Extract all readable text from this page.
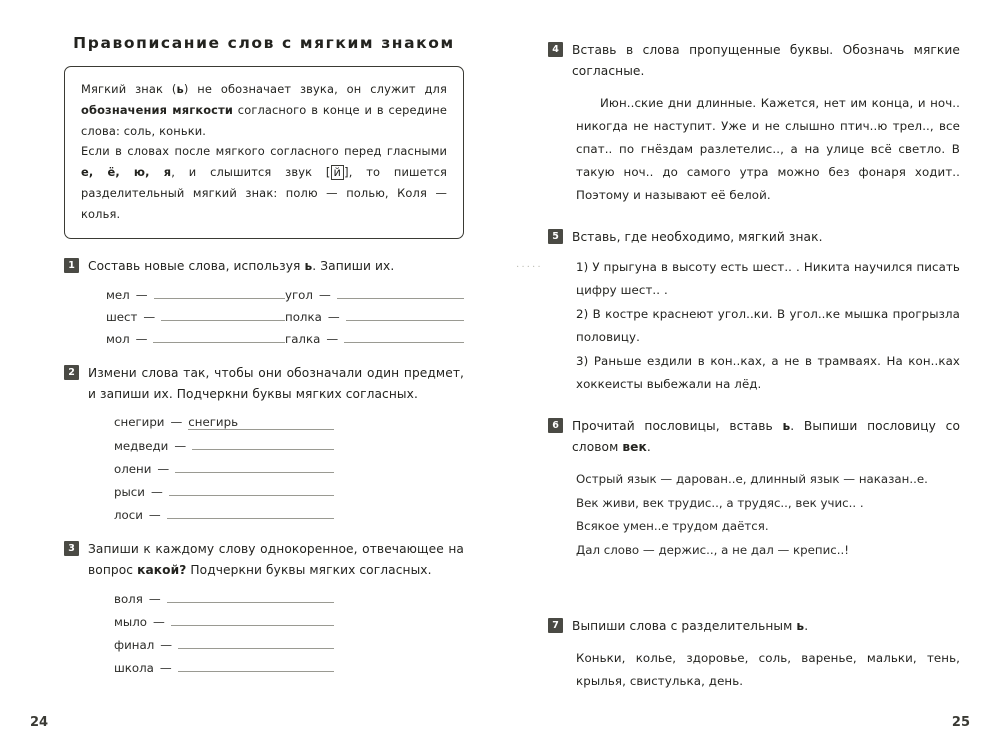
Правописание слов с мягким знаком
Мягкий знак (ь) не обозначает звука, он служит для обозначения мягкости согласного в конце и в середине слова: соль, коньки.
Если в словах после мягкого согласного перед гласными е, ё, ю, я, и слышится звук [ й ], то пишется разделительный мягкий знак: полю — полью, Коля — колья.
1	Составь новые слова, используя ь. Запиши их.
мел —	угол —
шест —	полка —
мол —	галка —
2	Измени слова так, чтобы они обозначали один предмет, и запиши их. Подчеркни буквы мягких согласных.
снегири — снегирь
медведи —
олени —
рыси —
лоси —
3	Запиши к каждому слову однокоренное, отвечающее на вопрос какой? Подчеркни буквы мягких согласных.
воля —
мыло —
финал —
школа —
24
4	Вставь в слова пропущенные буквы. Обозначь мягкие согласные.
Июн..ские дни длинные. Кажется, нет им конца, и ноч.. никогда не наступит. Уже и не слышно птич..ю трел.., все спат.. по гнёздам разлетелис.., а на улице всё светло. В такую ноч.. до самого утра можно без фонаря ходит.. Поэтому и называют её белой.
5	Вставь, где необходимо, мягкий знак.
1) У прыгуна в высоту есть шест.. . Никита научился писать цифру шест.. .
2) В костре краснеют угол..ки. В угол..ке мышка прогрызла половицу.
3) Раньше ездили в кон..ках, а не в трамваях. На кон..ках хоккеисты выбежали на лёд.
6	Прочитай пословицы, вставь ь. Выпиши пословицу со словом век.
Острый язык — дарован..е, длинный язык — наказан..е.
Век живи, век трудис.., а трудяс.., век учис.. .
Всякое умен..е трудом даётся.
Дал слово — держис.., а не дал — крепис..!
7	Выпиши слова с разделительным ь.
Коньки, колье, здоровье, соль, варенье, мальки, тень, крылья, свистулька, день.
·····
25
